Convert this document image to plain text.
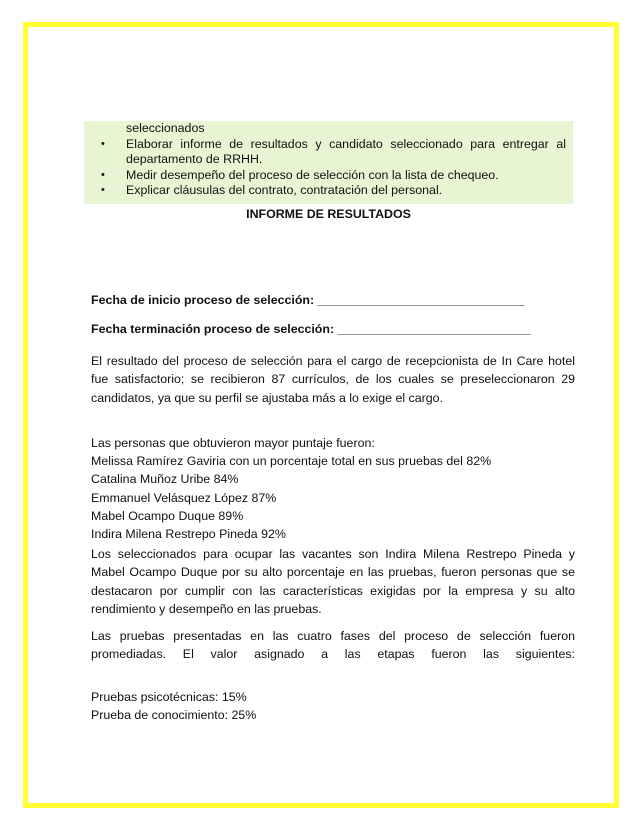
seleccionados
•	Elaborar informe de resultados y candidato seleccionado para entregar al departamento de RRHH.
•	Medir desempeño del proceso de selección con la lista de chequeo.
•	Explicar cláusulas del contrato, contratación del personal.
INFORME DE RESULTADOS
Fecha de inicio proceso de selección: ______________________________
Fecha terminación proceso de selección: ____________________________
El resultado del proceso de selección para el cargo de recepcionista de In Care hotel fue satisfactorio; se recibieron 87 currículos, de los cuales se preseleccionaron 29 candidatos, ya que su perfil se ajustaba más a lo exige el cargo.
Las personas que obtuvieron mayor puntaje fueron:
Melissa Ramírez Gaviria con un porcentaje total en sus pruebas del 82%
Catalina Muñoz Uribe 84%
Emmanuel Velásquez López 87%
Mabel Ocampo Duque 89%
Indira Milena Restrepo Pineda 92%
Los seleccionados para ocupar las vacantes son Indira Milena Restrepo Pineda y Mabel Ocampo Duque por su alto porcentaje en las pruebas, fueron personas que se destacaron por cumplir con las características exigidas por la empresa y su alto rendimiento y desempeño en las pruebas.
Las pruebas presentadas en las cuatro fases del proceso de selección fueron promediadas. El valor asignado a las etapas fueron las siguientes:
Pruebas psicotécnicas: 15%
Prueba de conocimiento: 25%
